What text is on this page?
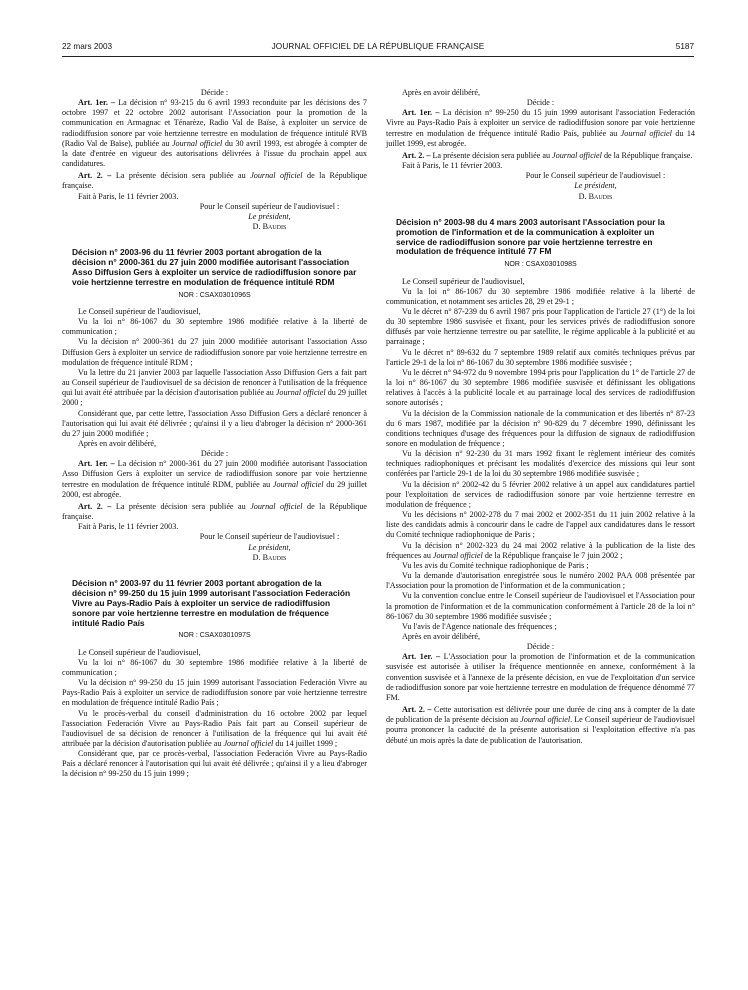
22 mars 2003	JOURNAL OFFICIEL DE LA RÉPUBLIQUE FRANÇAISE	5187

Décide :

Art. 1er. – La décision n° 93-215 du 6 avril 1993 reconduite par les décisions des 7 octobre 1997 et 22 octobre 2002 autorisant l'Association pour la promotion de la communication en Armagnac et Ténarèze, Radio Val de Baïse, à exploiter un service de radiodiffusion sonore par voie hertzienne terrestre en modulation de fréquence intitulé RVB (Radio Val de Baïse), publiée au Journal officiel du 30 avril 1993, est abrogée à compter de la date d'entrée en vigueur des autorisations délivrées à l'issue du prochain appel aux candidatures.

Art. 2. – La présente décision sera publiée au Journal officiel de la République française.

Fait à Paris, le 11 février 2003.

Pour le Conseil supérieur de l'audiovisuel :

Le président,

D. Baudis

Décision n° 2003-96 du 11 février 2003 portant abrogation de la décision n° 2000-361 du 27 juin 2000 modifiée autorisant l'association Asso Diffusion Gers à exploiter un service de radiodiffusion sonore par voie hertzienne terrestre en modulation de fréquence intitulé RDM

NOR : CSAX0301096S

Le Conseil supérieur de l'audiovisuel,

Vu la loi n° 86-1067 du 30 septembre 1986 modifiée relative à la liberté de communication ;

Vu la décision n° 2000-361 du 27 juin 2000 modifiée autorisant l'association Asso Diffusion Gers à exploiter un service de radiodiffusion sonore par voie hertzienne terrestre en modulation de fréquence intitulé RDM ;

Vu la lettre du 21 janvier 2003 par laquelle l'association Asso Diffusion Gers a fait part au Conseil supérieur de l'audiovisuel de sa décision de renoncer à l'utilisation de la fréquence qui lui avait été attribuée par la décision d'autorisation publiée au Journal officiel du 29 juillet 2000 ;

Considérant que, par cette lettre, l'association Asso Diffusion Gers a déclaré renoncer à l'autorisation qui lui avait été délivrée ; qu'ainsi il y a lieu d'abroger la décision n° 2000-361 du 27 juin 2000 modifiée ;

Après en avoir délibéré,

Décide :

Art. 1er. – La décision n° 2000-361 du 27 juin 2000 modifiée autorisant l'association Asso Diffusion Gers à exploiter un service de radiodiffusion sonore par voie hertzienne terrestre en modulation de fréquence intitulé RDM, publiée au Journal officiel du 29 juillet 2000, est abrogée.

Art. 2. – La présente décision sera publiée au Journal officiel de la République française.

Fait à Paris, le 11 février 2003.

Pour le Conseil supérieur de l'audiovisuel :

Le président,

D. Baudis

Décision n° 2003-97 du 11 février 2003 portant abrogation de la décision n° 99-250 du 15 juin 1999 autorisant l'association Federación Vivre au Pays-Radio País à exploiter un service de radiodiffusion sonore par voie hertzienne terrestre en modulation de fréquence intitulé Radio País

NOR : CSAX0301097S

Le Conseil supérieur de l'audiovisuel,

Vu la loi n° 86-1067 du 30 septembre 1986 modifiée relative à la liberté de communication ;

Vu la décision n° 99-250 du 15 juin 1999 autorisant l'association Federación Vivre au Pays-Radio País à exploiter un service de radiodiffusion sonore par voie hertzienne terrestre en modulation de fréquence intitulé Radio País ;

Vu le procès-verbal du conseil d'administration du 16 octobre 2002 par lequel l'association Federación Vivre au Pays-Radio País fait part au Conseil supérieur de l'audiovisuel de sa décision de renoncer à l'utilisation de la fréquence qui lui avait été attribuée par la décision d'autorisation publiée au Journal officiel du 14 juillet 1999 ;

Considérant que, par ce procès-verbal, l'association Federación Vivre au Pays-Radio País a déclaré renoncer à l'autorisation qui lui avait été délivrée ; qu'ainsi il y a lieu d'abroger la décision n° 99-250 du 15 juin 1999 ;

Après en avoir délibéré,

Décide :

Art. 1er. – La décision n° 99-250 du 15 juin 1999 autorisant l'association Federación Vivre au Pays-Radio País à exploiter un service de radiodiffusion sonore par voie hertzienne terrestre en modulation de fréquence intitulé Radio País, publiée au Journal officiel du 14 juillet 1999, est abrogée.

Art. 2. – La présente décision sera publiée au Journal officiel de la République française.

Fait à Paris, le 11 février 2003.

Pour le Conseil supérieur de l'audiovisuel :

Le président,

D. Baudis

Décision n° 2003-98 du 4 mars 2003 autorisant l'Association pour la promotion de l'information et de la communication à exploiter un service de radiodiffusion sonore par voie hertzienne terrestre en modulation de fréquence intitulé 77 FM

NOR : CSAX0301098S

Le Conseil supérieur de l'audiovisuel,

Vu la loi n° 86-1067 du 30 septembre 1986 modifiée relative à la liberté de communication, et notamment ses articles 28, 29 et 29-1 ;

Vu le décret n° 87-239 du 6 avril 1987 pris pour l'application de l'article 27 (1°) de la loi du 30 septembre 1986 susvisée et fixant, pour les services privés de radiodiffusion sonore diffusés par voie hertzienne terrestre ou par satellite, le régime applicable à la publicité et au parrainage ;

Vu le décret n° 89-632 du 7 septembre 1989 relatif aux comités techniques prévus par l'article 29-1 de la loi n° 86-1067 du 30 septembre 1986 modifiée susvisée ;

Vu le décret n° 94-972 du 9 novembre 1994 pris pour l'application du 1° de l'article 27 de la loi n° 86-1067 du 30 septembre 1986 modifiée susvisée et définissant les obligations relatives à l'accès à la publicité locale et au parrainage local des services de radiodiffusion sonore autorisés ;

Vu la décision de la Commission nationale de la communication et des libertés n° 87-23 du 6 mars 1987, modifiée par la décision n° 90-829 du 7 décembre 1990, définissant les conditions techniques d'usage des fréquences pour la diffusion de signaux de radiodiffusion sonore en modulation de fréquence ;

Vu la décision n° 92-230 du 31 mars 1992 fixant le règlement intérieur des comités techniques radiophoniques et précisant les modalités d'exercice des missions qui leur sont conférées par l'article 29-1 de la loi du 30 septembre 1986 modifiée susvisée ;

Vu la décision n° 2002-42 du 5 février 2002 relative à un appel aux candidatures partiel pour l'exploitation de services de radiodiffusion sonore par voie hertzienne terrestre en modulation de fréquence ;

Vu les décisions n° 2002-278 du 7 mai 2002 et 2002-351 du 11 juin 2002 relative à la liste des candidats admis à concourir dans le cadre de l'appel aux candidatures dans le ressort du Comité technique radiophonique de Paris ;

Vu la décision n° 2002-323 du 24 mai 2002 relative à la publication de la liste des fréquences au Journal officiel de la République française le 7 juin 2002 ;

Vu les avis du Comité technique radiophonique de Paris ;

Vu la demande d'autorisation enregistrée sous le numéro 2002 PAA 008 présentée par l'Association pour la promotion de l'information et de la communication ;

Vu la convention conclue entre le Conseil supérieur de l'audiovisuel et l'Association pour la promotion de l'information et de la communication conformément à l'article 28 de la loi n° 86-1067 du 30 septembre 1986 modifiée susvisée ;

Vu l'avis de l'Agence nationale des fréquences ;

Après en avoir délibéré,

Décide :

Art. 1er. – L'Association pour la promotion de l'information et de la communication susvisée est autorisée à utiliser la fréquence mentionnée en annexe, conformément à la convention susvisée et à l'annexe de la présente décision, en vue de l'exploitation d'un service de radiodiffusion sonore par voie hertzienne terrestre en modulation de fréquence dénommé 77 FM.

Art. 2. – Cette autorisation est délivrée pour une durée de cinq ans à compter de la date de publication de la présente décision au Journal officiel. Le Conseil supérieur de l'audiovisuel pourra prononcer la caducité de la présente autorisation si l'exploitation effective n'a pas débuté un mois après la date de publication de l'autorisation.
